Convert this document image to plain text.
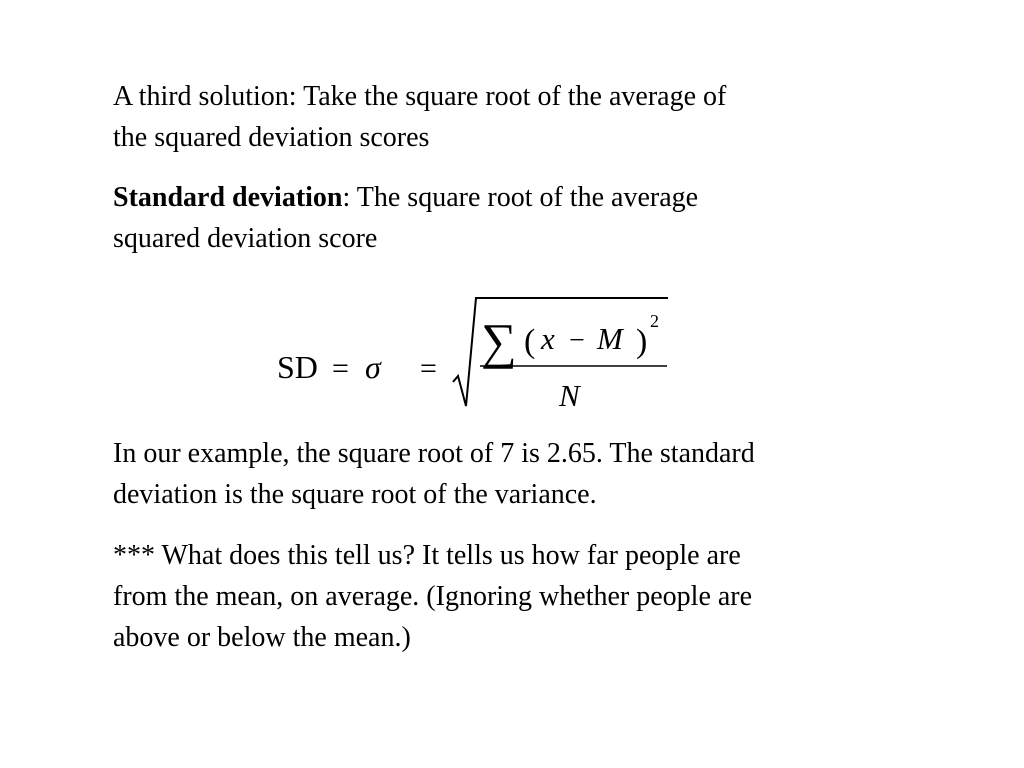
A third solution: Take the square root of the average of
the squared deviation scores

Standard deviation: The square root of the average
squared deviation score

SD = σ = ∑ ( x − M )
2
N

In our example, the square root of 7 is 2.65. The standard
deviation is the square root of the variance.

*** What does this tell us? It tells us how far people are
from the mean, on average. (Ignoring whether people are
above or below the mean.)
